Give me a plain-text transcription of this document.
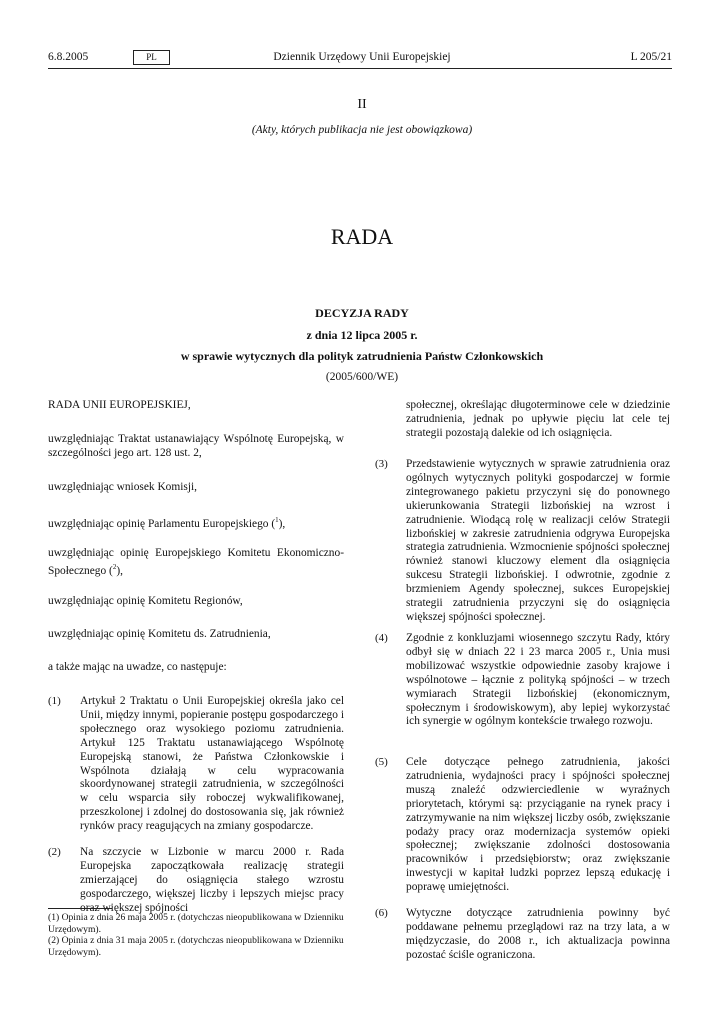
6.8.2005	PL	Dziennik Urzędowy Unii Europejskiej	L 205/21
II
(Akty, których publikacja nie jest obowiązkowa)
RADA
DECYZJA RADY
z dnia 12 lipca 2005 r.
w sprawie wytycznych dla polityk zatrudnienia Państw Członkowskich
(2005/600/WE)
RADA UNII EUROPEJSKIEJ,
uwzględniając Traktat ustanawiający Wspólnotę Europejską, w szczególności jego art. 128 ust. 2,
uwzględniając wniosek Komisji,
uwzględniając opinię Parlamentu Europejskiego ($^1$),
uwzględniając opinię Europejskiego Komitetu Ekonomiczno-Społecznego ($^2$),
uwzględniając opinię Komitetu Regionów,
uwzględniając opinię Komitetu ds. Zatrudnienia,
a także mając na uwadze, co następuje:
(1) Artykuł 2 Traktatu o Unii Europejskiej określa jako cel Unii, między innymi, popieranie postępu gospodarczego i społecznego oraz wysokiego poziomu zatrudnienia. Artykuł 125 Traktatu ustanawiającego Wspólnotę Europejską stanowi, że Państwa Członkowskie i Wspólnota działają w celu wypracowania skoordynowanej strategii zatrudnienia, w szczególności w celu wsparcia siły roboczej wykwalifikowanej, przeszkolonej i zdolnej do dostosowania się, jak również rynków pracy reagujących na zmiany gospodarcze.
(2) Na szczycie w Lizbonie w marcu 2000 r. Rada Europejska zapoczątkowała realizację strategii zmierzającej do osiągnięcia stałego wzrostu gospodarczego, większej liczby i lepszych miejsc pracy oraz większej spójności
(1) Opinia z dnia 26 maja 2005 r. (dotychczas nieopublikowana w Dzienniku Urzędowym).
(2) Opinia z dnia 31 maja 2005 r. (dotychczas nieopublikowana w Dzienniku Urzędowym).
społecznej, określając długoterminowe cele w dziedzinie zatrudnienia, jednak po upływie pięciu lat cele tej strategii pozostają dalekie od ich osiągnięcia.
(3) Przedstawienie wytycznych w sprawie zatrudnienia oraz ogólnych wytycznych polityki gospodarczej w formie zintegrowanego pakietu przyczyni się do ponownego ukierunkowania Strategii lizbońskiej na wzrost i zatrudnienie. Wiodącą rolę w realizacji celów Strategii lizbońskiej w zakresie zatrudnienia odgrywa Europejska strategia zatrudnienia. Wzmocnienie spójności społecznej również stanowi kluczowy element dla osiągnięcia sukcesu Strategii lizbońskiej. I odwrotnie, zgodnie z brzmieniem Agendy społecznej, sukces Europejskiej strategii zatrudnienia przyczyni się do osiągnięcia większej spójności społecznej.
(4) Zgodnie z konkluzjami wiosennego szczytu Rady, który odbył się w dniach 22 i 23 marca 2005 r., Unia musi mobilizować wszystkie odpowiednie zasoby krajowe i wspólnotowe – łącznie z polityką spójności – w trzech wymiarach Strategii lizbońskiej (ekonomicznym, społecznym i środowiskowym), aby lepiej wykorzystać ich synergie w ogólnym kontekście trwałego rozwoju.
(5) Cele dotyczące pełnego zatrudnienia, jakości zatrudnienia, wydajności pracy i spójności społecznej muszą znaleźć odzwierciedlenie w wyraźnych priorytetach, którymi są: przyciąganie na rynek pracy i zatrzymywanie na nim większej liczby osób, zwiększanie podaży pracy oraz modernizacja systemów opieki społecznej; zwiększanie zdolności dostosowania pracowników i przedsiębiorstw; oraz zwiększanie inwestycji w kapitał ludzki poprzez lepszą edukację i poprawę umiejętności.
(6) Wytyczne dotyczące zatrudnienia powinny być poddawane pełnemu przeglądowi raz na trzy lata, a w międzyczasie, do 2008 r., ich aktualizacja powinna pozostać ściśle ograniczona.
